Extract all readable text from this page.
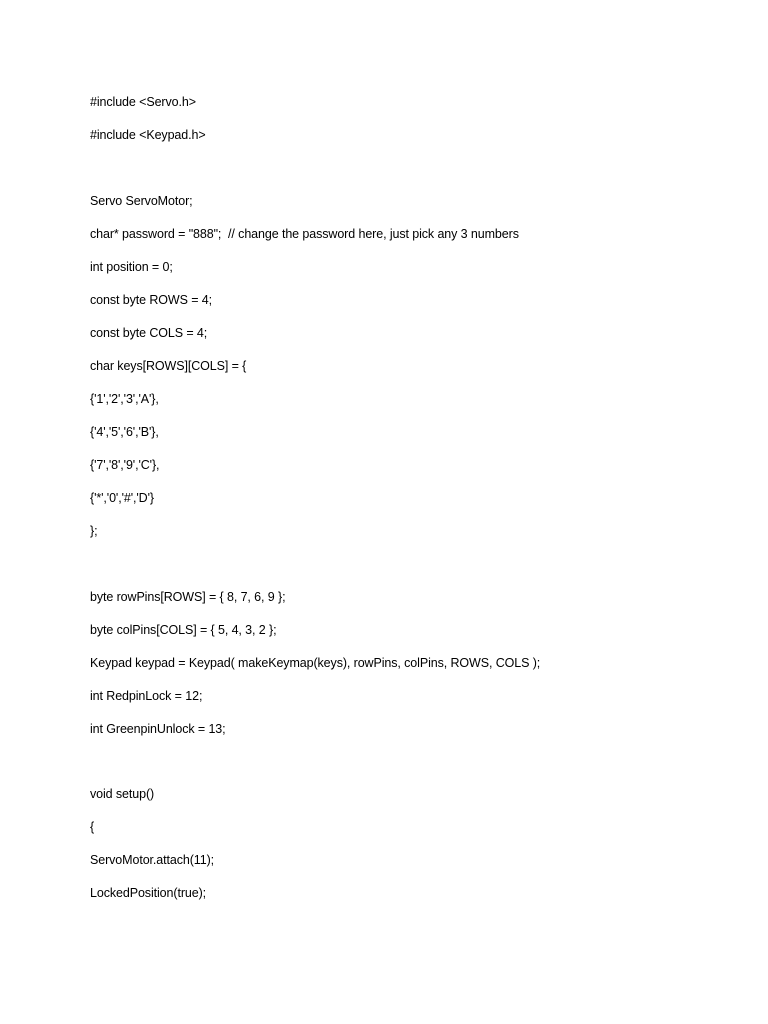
#include <Servo.h>
#include <Keypad.h>
Servo ServoMotor;
char* password = "888";  // change the password here, just pick any 3 numbers
int position = 0;
const byte ROWS = 4;
const byte COLS = 4;
char keys[ROWS][COLS] = {
{'1','2','3','A'},
{'4','5','6','B'},
{'7','8','9','C'},
{'*','0','#','D'}
};
byte rowPins[ROWS] = { 8, 7, 6, 9 };
byte colPins[COLS] = { 5, 4, 3, 2 };
Keypad keypad = Keypad( makeKeymap(keys), rowPins, colPins, ROWS, COLS );
int RedpinLock = 12;
int GreenpinUnlock = 13;
void setup()
{
ServoMotor.attach(11);
LockedPosition(true);
